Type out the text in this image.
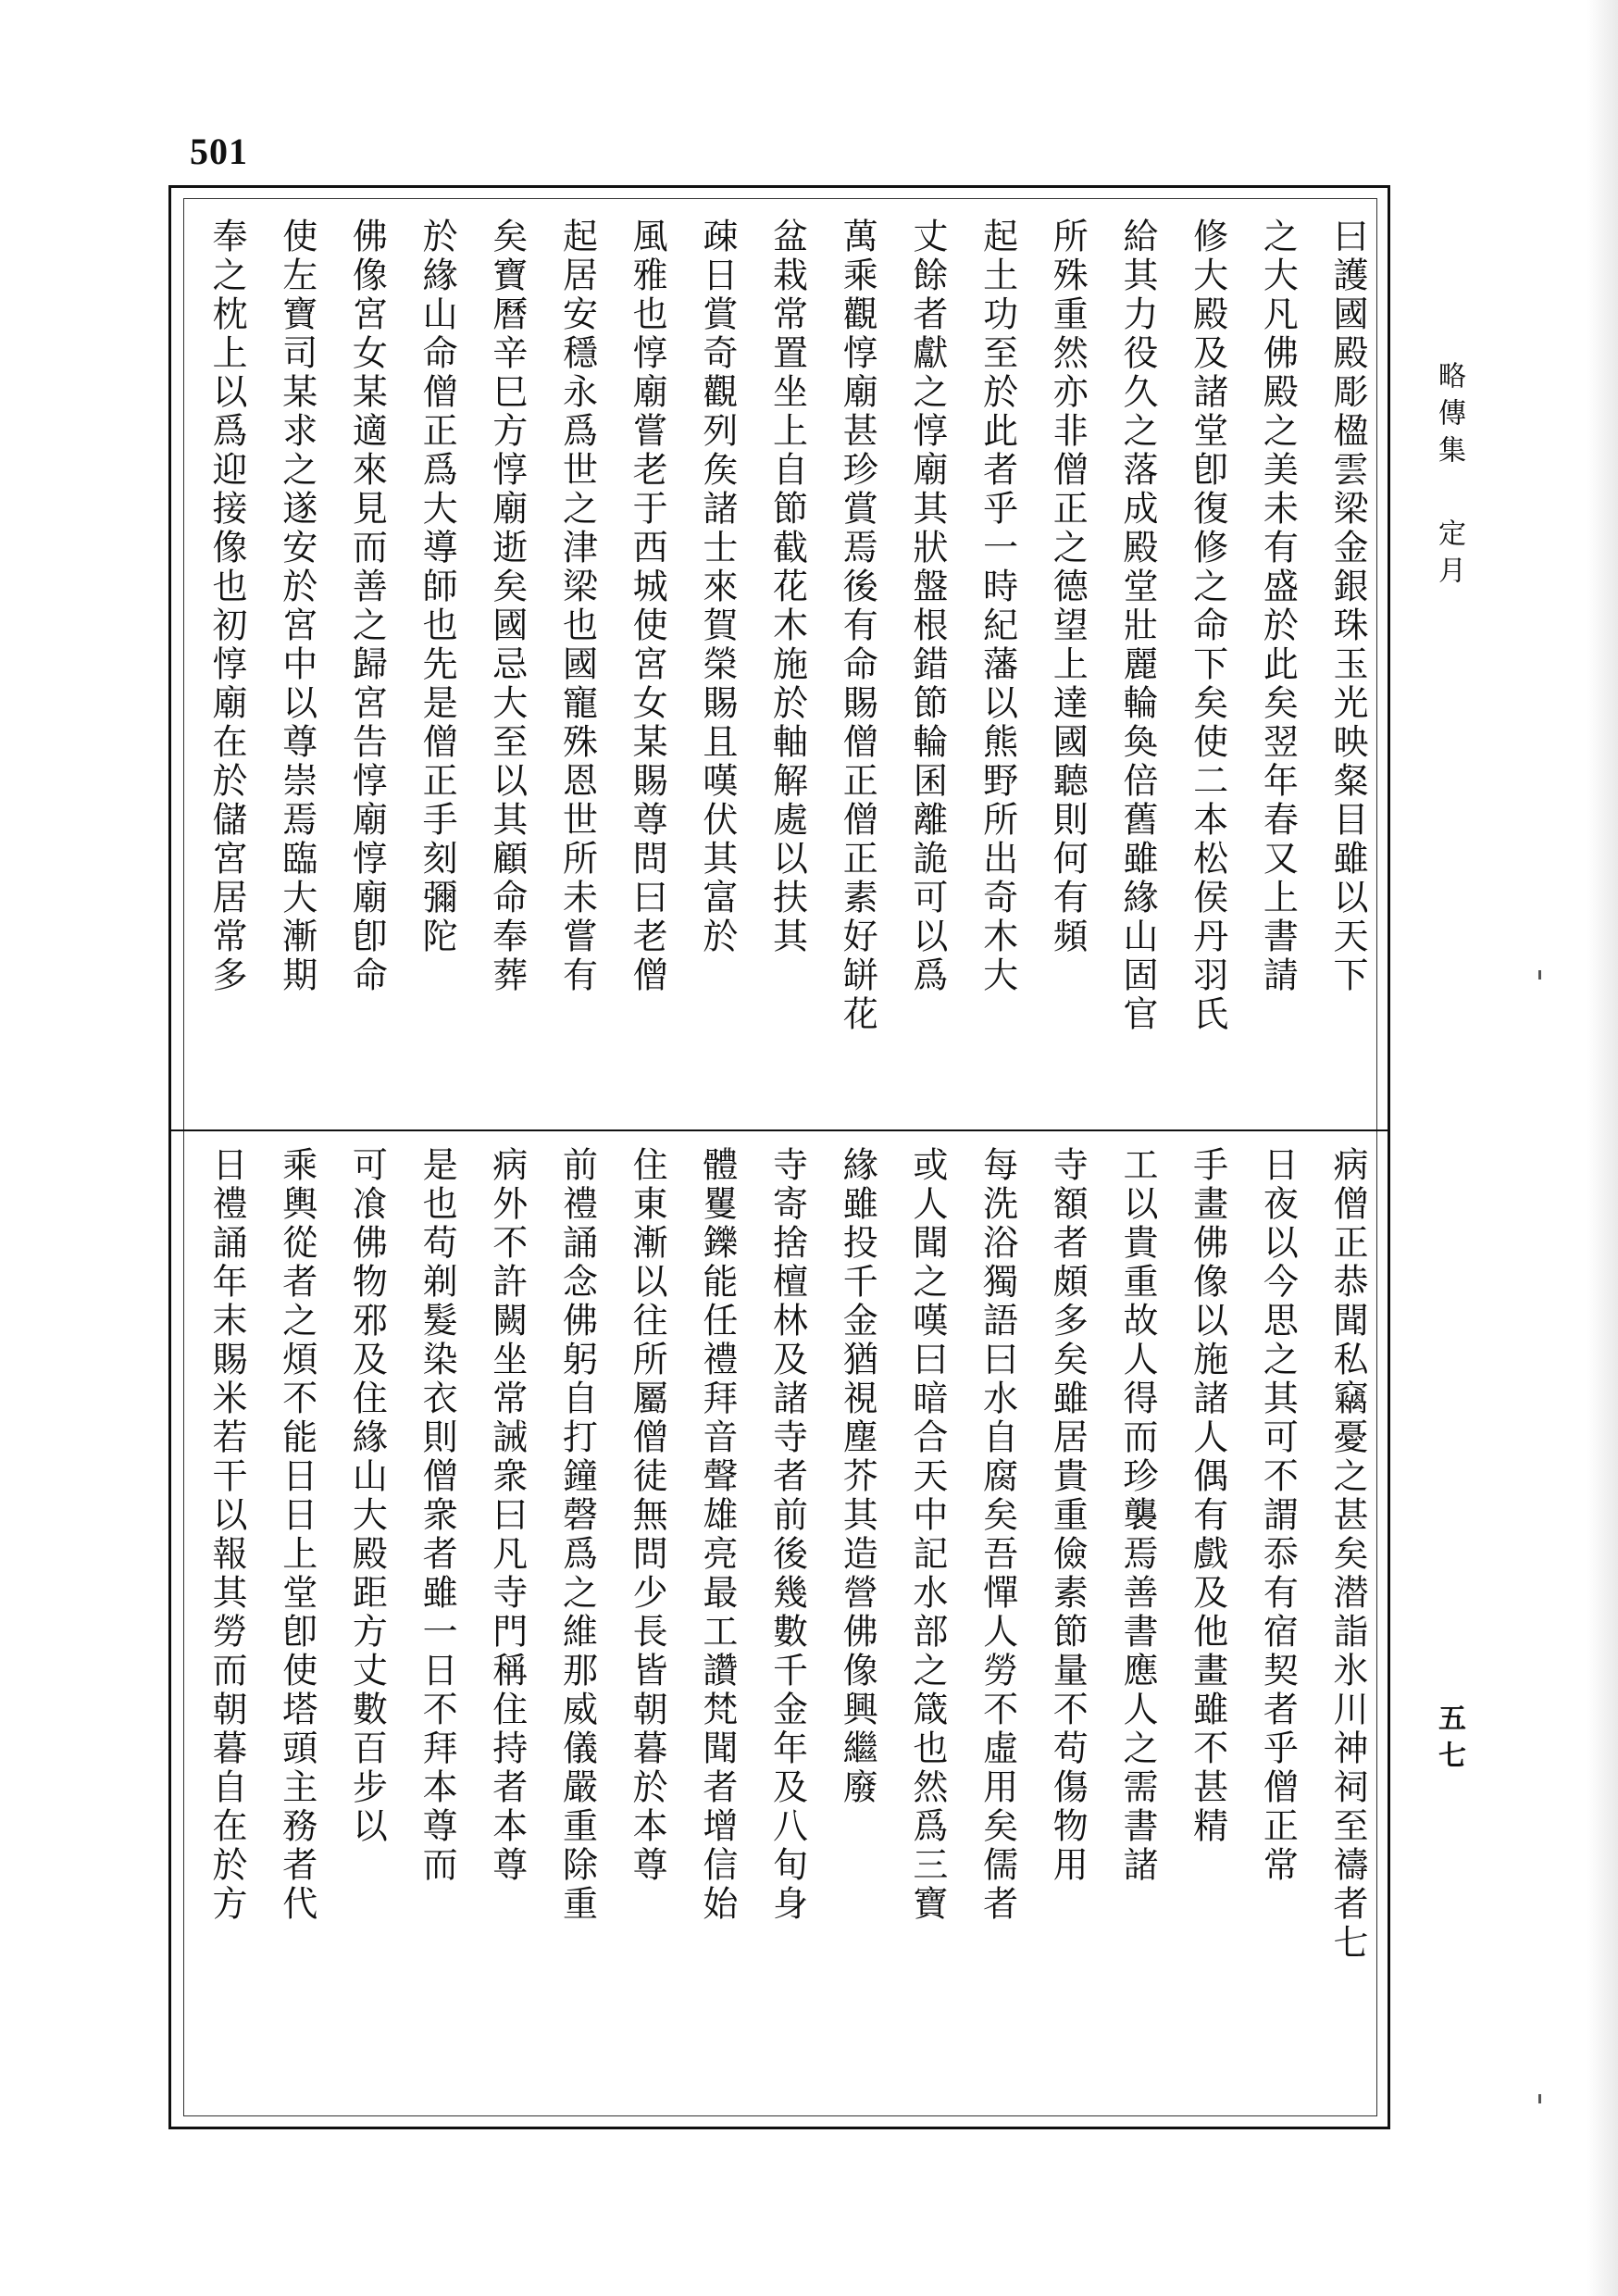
501
曰護國殿彫楹雲梁金銀珠玉光映粲目雖以天下
之大凡佛殿之美未有盛於此矣翌年春又上書請
修大殿及諸堂卽復修之命下矣使二本松侯丹羽氏
給其力役久之落成殿堂壯麗輪奐倍舊雖緣山固官
所殊重然亦非僧正之德望上達國聽則何有頻
起土功至於此者乎一時紀藩以熊野所出奇木大
丈餘者獻之惇廟其狀盤根錯節輪囷離詭可以爲
萬乘觀惇廟甚珍賞焉後有命賜僧正僧正素好缾花
盆栽常置坐上自節截花木施於軸解處以扶其
疎日賞奇觀列矦諸士來賀榮賜且嘆伏其富於
風雅也惇廟嘗老于西城使宮女某賜尊問曰老僧
起居安穩永爲世之津梁也國寵殊恩世所未嘗有
矣寶曆辛巳方惇廟逝矣國忌大至以其顧命奉葬
於緣山命僧正爲大導師也先是僧正手刻彌陀
佛像宮女某適來見而善之歸宮告惇廟惇廟卽命
使左寶司某求之遂安於宮中以尊崇焉臨大漸期
奉之枕上以爲迎接像也初惇廟在於儲宮居常多
病僧正恭聞私竊憂之甚矣潜詣氷川神祠至禱者七
日夜以今思之其可不謂忝有宿契者乎僧正常
手畫佛像以施諸人偶有戲及他畫雖不甚精
工以貴重故人得而珍襲焉善書應人之需書諸
寺額者頗多矣雖居貴重儉素節量不苟傷物用
每洗浴獨語曰水自腐矣吾憚人勞不虛用矣儒者
或人聞之嘆曰暗合天中記水部之箴也然爲三寶
緣雖投千金猶視塵芥其造營佛像興繼廢
寺寄捨檀林及諸寺者前後幾數千金年及八旬身
體矍鑠能任禮拜音聲雄亮最工讚梵聞者增信始
住東漸以往所屬僧徒無問少長皆朝暮於本尊
前禮誦念佛躬自打鐘磬爲之維那威儀嚴重除重
病外不許闕坐常誡衆曰凡寺門稱住持者本尊
是也苟剃髮染衣則僧衆者雖一日不拜本尊而
可飡佛物邪及住緣山大殿距方丈數百步以
乘輿從者之煩不能日日上堂卽使塔頭主務者代
日禮誦年末賜米若干以報其勞而朝暮自在於方
略傳集
定月
五七
